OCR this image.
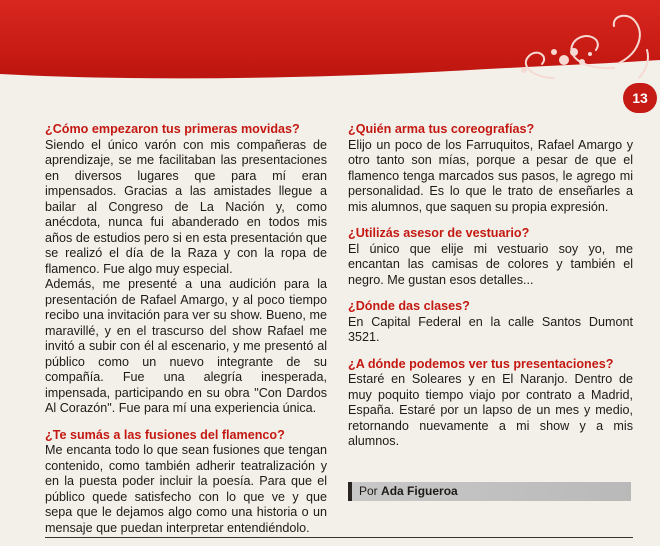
13

¿Cómo empezaron tus primeras movidas?

Siendo el único varón con mis compañeras de aprendizaje, se me facilitaban las presentaciones en diversos lugares que para mí eran impensados. Gracias a las amistades llegue a bailar al Congreso de La Nación y, como anécdota, nunca fui abanderado en todos mis años de estudios pero si en esta presentación que se realizó el día de la Raza y con la ropa de flamenco. Fue algo muy especial.

Además, me presenté a una audición para la presentación de Rafael Amargo, y al poco tiempo recibo una invitación para ver su show. Bueno, me maravillé, y en el trascurso del show Rafael me invitó a subir con él al escenario, y me presentó al público como un nuevo integrante de su compañía. Fue una alegría inesperada, impensada, participando en su obra "Con Dardos Al Corazón". Fue para mí una experiencia única.

¿Te sumás a las fusiones del flamenco?

Me encanta todo lo que sean fusiones que tengan contenido, como también adherir teatralización y en la puesta poder incluir la poesía. Para que el público quede satisfecho con lo que ve y que sepa que le dejamos algo como una historia o un mensaje que puedan interpretar entendiéndolo.

¿Quién arma tus coreografías?

Elijo un poco de los Farruquitos, Rafael Amargo y otro tanto son mías, porque a pesar de que el flamenco tenga marcados sus pasos, le agrego mi personalidad. Es lo que le trato de enseñarles a mis alumnos, que saquen su propia expresión.

¿Utilizás asesor de vestuario?

El único que elije mi vestuario soy yo, me encantan las camisas de colores y también el negro. Me gustan esos detalles...

¿Dónde das clases?

En Capital Federal en la calle Santos Dumont 3521.

¿A dónde podemos ver tus presentaciones?

Estaré en Soleares y en El Naranjo. Dentro de muy poquito tiempo viajo por contrato a Madrid, España. Estaré por un lapso de un mes y medio, retornando nuevamente a mi show y a mis alumnos.

Por Ada Figueroa
